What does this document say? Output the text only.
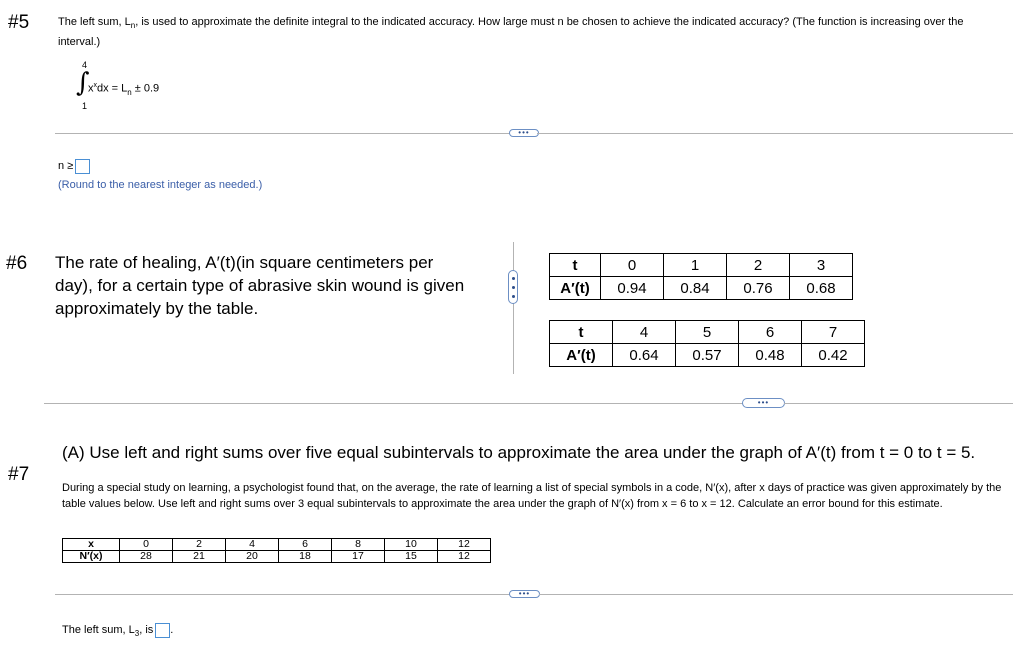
#5	The left sum, $L_n$, is used to approximate the definite integral to the indicated accuracy. How large must n be chosen to achieve the indicated accuracy? (The function is increasing over the
interval.)
4
∫
1
$x^xdx = L_n \pm 0.9$
•••
n ≥
(Round to the nearest integer as needed.)
#6 The rate of healing, A′(t)(in square centimeters per day), for a certain type of abrasive skin wound is given approximately by the table.
t	0	1	2	3
A′(t)	0.94	0.84	0.76	0.68
t	4	5	6	7
A′(t)	0.64	0.57	0.48	0.42
•••
(A) Use left and right sums over five equal subintervals to approximate the area under the graph of A′(t) from t = 0 to t = 5.
#7
During a special study on learning, a psychologist found that, on the average, the rate of learning a list of special symbols in a code, N′(x), after x days of practice was given approximately by the table values below. Use left and right sums over 3 equal subintervals to approximate the area under the graph of N′(x) from x = 6 to x = 12. Calculate an error bound for this estimate.
x	0	2	4	6	8	10	12
N′(x)	28	21	20	18	17	15	12
•••
The left sum, $L_3$, is .
